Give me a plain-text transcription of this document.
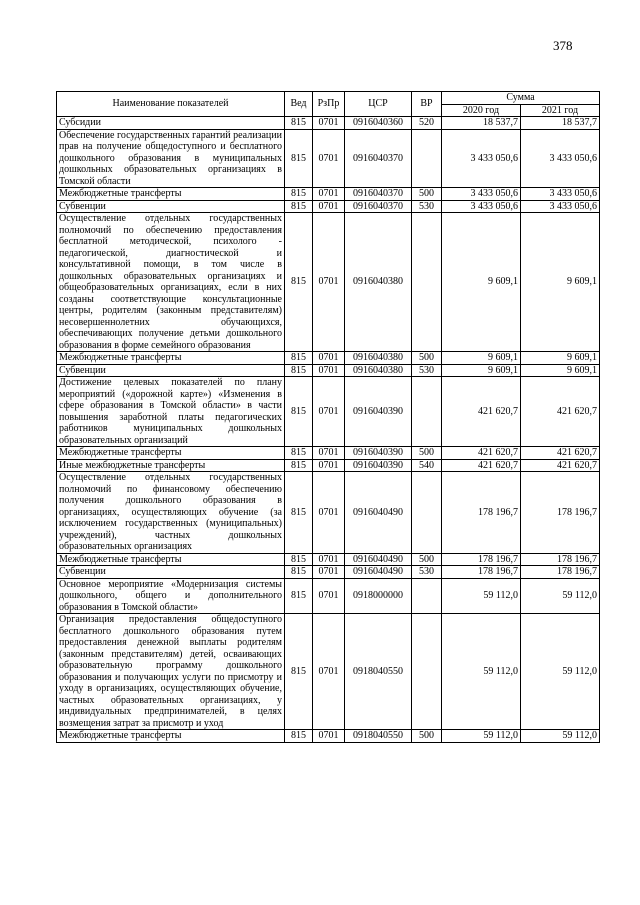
378
Наименование показателей	Вед	РзПр	ЦСР	ВР	Сумма	
					2020 год	2021 год
Субсидии	815	0701	0916040360	520	18 537,7	18 537,7
Обеспечение государственных гарантий реализации прав на получение общедоступного и бесплатного дошкольного образования в муниципальных дошкольных образовательных организациях в Томской области	815	0701	0916040370		3 433 050,6	3 433 050,6
Межбюджетные трансферты	815	0701	0916040370	500	3 433 050,6	3 433 050,6
Субвенции	815	0701	0916040370	530	3 433 050,6	3 433 050,6
Осуществление отдельных государственных полномочий по обеспечению предоставления бесплатной методической, психолого - педагогической, диагностической и консультативной помощи, в том числе в дошкольных образовательных организациях и общеобразовательных организациях, если в них созданы соответствующие консультационные центры, родителям (законным представителям) несовершеннолетних обучающихся, обеспечивающих получение детьми дошкольного образования в форме семейного образования	815	0701	0916040380		9 609,1	9 609,1
Межбюджетные трансферты	815	0701	0916040380	500	9 609,1	9 609,1
Субвенции	815	0701	0916040380	530	9 609,1	9 609,1
Достижение целевых показателей по плану мероприятий («дорожной карте») «Изменения в сфере образования в Томской области» в части повышения заработной платы педагогических работников муниципальных дошкольных образовательных организаций	815	0701	0916040390		421 620,7	421 620,7
Межбюджетные трансферты	815	0701	0916040390	500	421 620,7	421 620,7
Иные межбюджетные трансферты	815	0701	0916040390	540	421 620,7	421 620,7
Осуществление отдельных государственных полномочий по финансовому обеспечению получения дошкольного образования в организациях, осуществляющих обучение (за исключением государственных (муниципальных) учреждений), частных дошкольных образовательных организациях	815	0701	0916040490		178 196,7	178 196,7
Межбюджетные трансферты	815	0701	0916040490	500	178 196,7	178 196,7
Субвенции	815	0701	0916040490	530	178 196,7	178 196,7
Основное мероприятие «Модернизация системы дошкольного, общего и дополнительного образования в Томской области»	815	0701	0918000000		59 112,0	59 112,0
Организация предоставления общедоступного бесплатного дошкольного образования путем предоставления денежной выплаты родителям (законным представителям) детей, осваивающих образовательную программу дошкольного образования и получающих услуги по присмотру и уходу в организациях, осуществляющих обучение, частных образовательных организациях, у индивидуальных предпринимателей, в целях возмещения затрат за присмотр и уход	815	0701	0918040550		59 112,0	59 112,0
Межбюджетные трансферты	815	0701	0918040550	500	59 112,0	59 112,0
